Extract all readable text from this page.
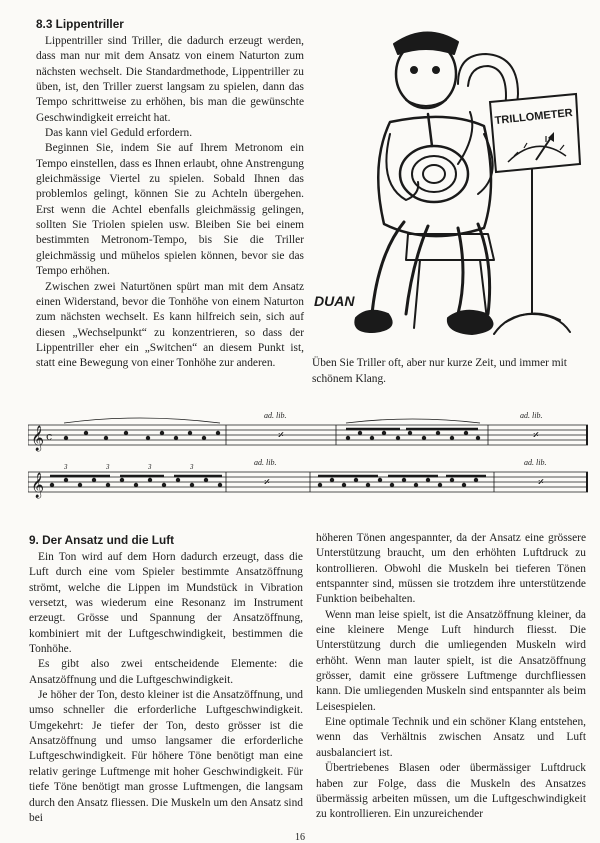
8.3 Lippentriller

Lippentriller sind Triller, die dadurch erzeugt werden, dass man nur mit dem Ansatz von einem Naturton zum nächsten wechselt. Die Standardmethode, Lippentriller zu üben, ist, den Triller zuerst langsam zu spielen, dann das Tempo schrittweise zu erhöhen, bis man die gewünschte Geschwindigkeit erreicht hat.

Das kann viel Geduld erfordern.

Beginnen Sie, indem Sie auf Ihrem Metronom ein Tempo einstellen, dass es Ihnen erlaubt, ohne Anstrengung gleichmässige Viertel zu spielen. Sobald Ihnen das problemlos gelingt, können Sie zu Achteln übergehen. Erst wenn die Achtel ebenfalls gleichmässig gelingen, sollten Sie Triolen spielen usw. Bleiben Sie bei einem bestimmten Metronom-Tempo, bis Sie die Triller gleichmässig und mühelos spielen können, bevor sie das Tempo erhöhen.

Zwischen zwei Naturtönen spürt man mit dem Ansatz einen Widerstand, bevor die Tonhöhe von einem Naturton zum nächsten wechselt. Es kann hilfreich sein, sich auf diesen „Wechselpunkt“ zu konzentrieren, so dass der Lippentriller eher ein „Switchen“ an diesem Punkt ist, statt eine Bewegung von einer Tonhöhe zur anderen.

TRILLOMETER
DUAN
Üben Sie Triller oft, aber nur kurze Zeit, und immer mit schönem Klang.
𝄞 c	𝄎	𝄎
ad. lib.	ad. lib.
𝄞
3	3	3	3
𝄎	𝄎
ad. lib.	ad. lib.
9. Der Ansatz und die Luft

Ein Ton wird auf dem Horn dadurch erzeugt, dass die Luft durch eine vom Spieler bestimmte Ansatzöffnung strömt, welche die Lippen im Mundstück in Vibration versetzt, was wiederum eine Resonanz im Instrument erzeugt. Grösse und Spannung der Ansatzöffnung, kombiniert mit der Luftgeschwindigkeit, bestimmen die Tonhöhe.

Es gibt also zwei entscheidende Elemente: die Ansatzöffnung und die Luftgeschwindigkeit.

Je höher der Ton, desto kleiner ist die Ansatzöffnung, und umso schneller die erforderliche Luftgeschwindigkeit. Umgekehrt: Je tiefer der Ton, desto grösser ist die Ansatzöffnung und umso langsamer die erforderliche Luftgeschwindigkeit. Für höhere Töne benötigt man eine relativ geringe Luftmenge mit hoher Geschwindigkeit. Für tiefe Töne benötigt man grosse Luftmengen, die langsam durch den Ansatz fliessen. Die Muskeln um den Ansatz sind bei

höheren Tönen angespannter, da der Ansatz eine grössere Unterstützung braucht, um den erhöhten Luftdruck zu kontrollieren. Obwohl die Muskeln bei tieferen Tönen entspannter sind, müssen sie trotzdem ihre unterstützende Funktion beibehalten.

Wenn man leise spielt, ist die Ansatzöffnung kleiner, da eine kleinere Menge Luft hindurch fliesst. Die Unterstützung durch die umliegenden Muskeln wird erhöht. Wenn man lauter spielt, ist die Ansatzöffnung grösser, damit eine grössere Luftmenge durchfliessen kann. Die umliegenden Muskeln sind entspannter als beim Leisespielen.

Eine optimale Technik und ein schöner Klang entstehen, wenn das Verhältnis zwischen Ansatz und Luft ausbalanciert ist.

Übertriebenes Blasen oder übermässiger Luftdruck haben zur Folge, dass die Muskeln des Ansatzes übermässig arbeiten müssen, um die Luftgeschwindigkeit zu kontrollieren. Ein unzureichender

16
